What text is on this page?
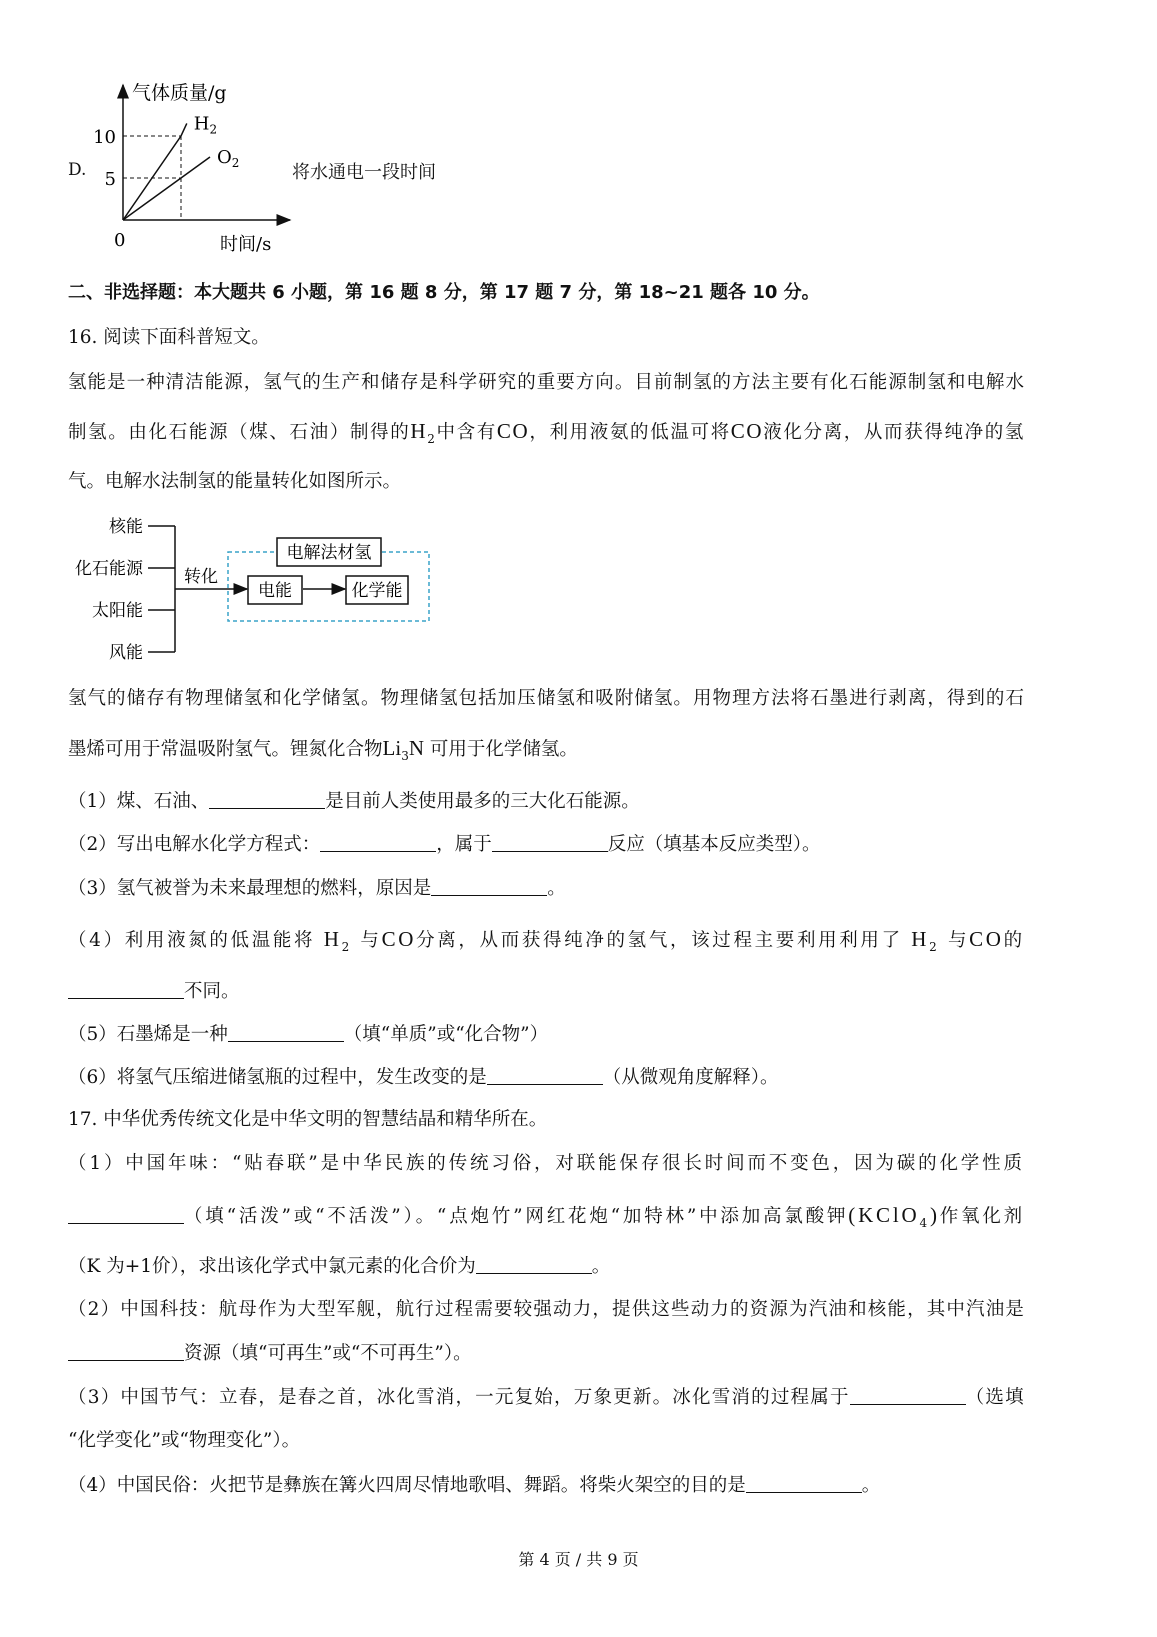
D.
气体质量/g
时间/s
0
5
10
$H_2$
$O_2$	将水通电一段时间
二、非选择题：本大题共 6 小题，第 16 题 8 分，第 17 题 7 分，第 18~21 题各 10 分。
16. 阅读下面科普短文。
氢能是一种清洁能源，氢气的生产和储存是科学研究的重要方向。目前制氢的方法主要有化石能源制氢和电解水
制氢。由化石能源（煤、石油）制得的$H_2$中含有CO，利用液氨的低温可将CO液化分离，从而获得纯净的氢
气。电解水法制氢的能量转化如图所示。
氢气的储存有物理储氢和化学储氢。物理储氢包括加压储氢和吸附储氢。用物理方法将石墨进行剥离，得到的石
墨烯可用于常温吸附氢气。锂氮化合物$Li_3N$ 可用于化学储氢。
（1）煤、石油、	是目前人类使用最多的三大化石能源。
（2）写出电解水化学方程式：	，属于	反应（填基本反应类型）。
（3）氢气被誉为未来最理想的燃料，原因是	。
（4）利用液氮的低温能将 $H_2$ 与CO分离，从而获得纯净的氢气，该过程主要利用利用了 $H_2$ 与CO的
不同。
（5）石墨烯是一种	（填“单质”或“化合物”）
（6）将氢气压缩进储氢瓶的过程中，发生改变的是	（从微观角度解释）。
17. 中华优秀传统文化是中华文明的智慧结晶和精华所在。
（1）中国年味：“贴春联”是中华民族的传统习俗，对联能保存很长时间而不变色，因为碳的化学性质
（填“活泼”或“不活泼”）。“点炮竹”网红花炮“加特林”中添加高氯酸钾(KClO$_4$)作氧化剂
（K 为+1价），求出该化学式中氯元素的化合价为	。
（2）中国科技：航母作为大型军舰，航行过程需要较强动力，提供这些动力的资源为汽油和核能，其中汽油是
资源（填“可再生”或“不可再生”）。
（3）中国节气：立春，是春之首，冰化雪消，一元复始，万象更新。冰化雪消的过程属于	（选填
“化学变化”或“物理变化”）。
（4）中国民俗：火把节是彝族在篝火四周尽情地歌唱、舞蹈。将柴火架空的目的是	。
核能
化石能源
太阳能
风能
转化
电解法材氢
电能	化学能
第 4 页 / 共 9 页
